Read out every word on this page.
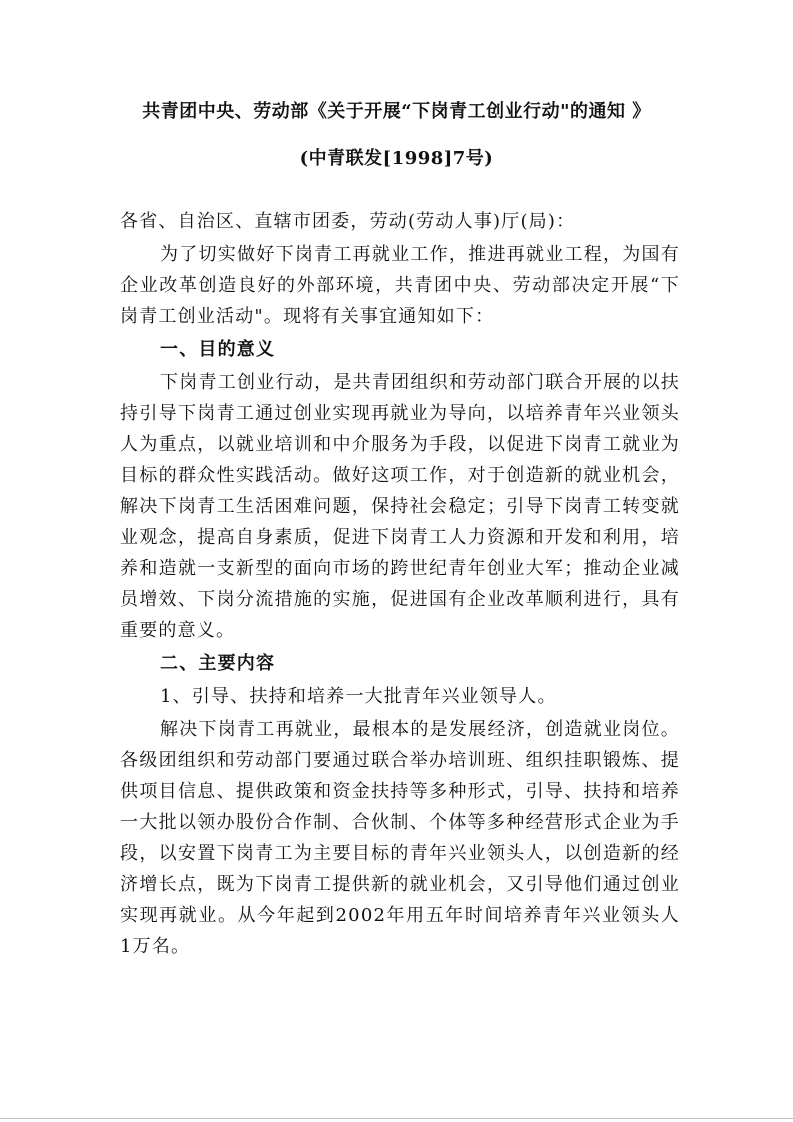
共青团中央、劳动部《关于开展“下岗青工创业行动"的通知 》
(中青联发[1998]7号)

各省、自治区、直辖市团委，劳动(劳动人事)厅(局)：

为了切实做好下岗青工再就业工作，推进再就业工程，为国有企业改革创造良好的外部环境，共青团中央、劳动部决定开展“下岗青工创业活动"。现将有关事宜通知如下：

一、目的意义

下岗青工创业行动，是共青团组织和劳动部门联合开展的以扶持引导下岗青工通过创业实现再就业为导向，以培养青年兴业领头人为重点，以就业培训和中介服务为手段，以促进下岗青工就业为目标的群众性实践活动。做好这项工作，对于创造新的就业机会，解决下岗青工生活困难问题，保持社会稳定；引导下岗青工转变就业观念，提高自身素质，促进下岗青工人力资源和开发和利用，培养和造就一支新型的面向市场的跨世纪青年创业大军；推动企业减员增效、下岗分流措施的实施，促进国有企业改革顺利进行，具有重要的意义。

二、主要内容

1、引导、扶持和培养一大批青年兴业领导人。

解决下岗青工再就业，最根本的是发展经济，创造就业岗位。各级团组织和劳动部门要通过联合举办培训班、组织挂职锻炼、提供项目信息、提供政策和资金扶持等多种形式，引导、扶持和培养一大批以领办股份合作制、合伙制、个体等多种经营形式企业为手段，以安置下岗青工为主要目标的青年兴业领头人，以创造新的经济增长点，既为下岗青工提供新的就业机会，又引导他们通过创业实现再就业。从今年起到2002年用五年时间培养青年兴业领头人1万名。
